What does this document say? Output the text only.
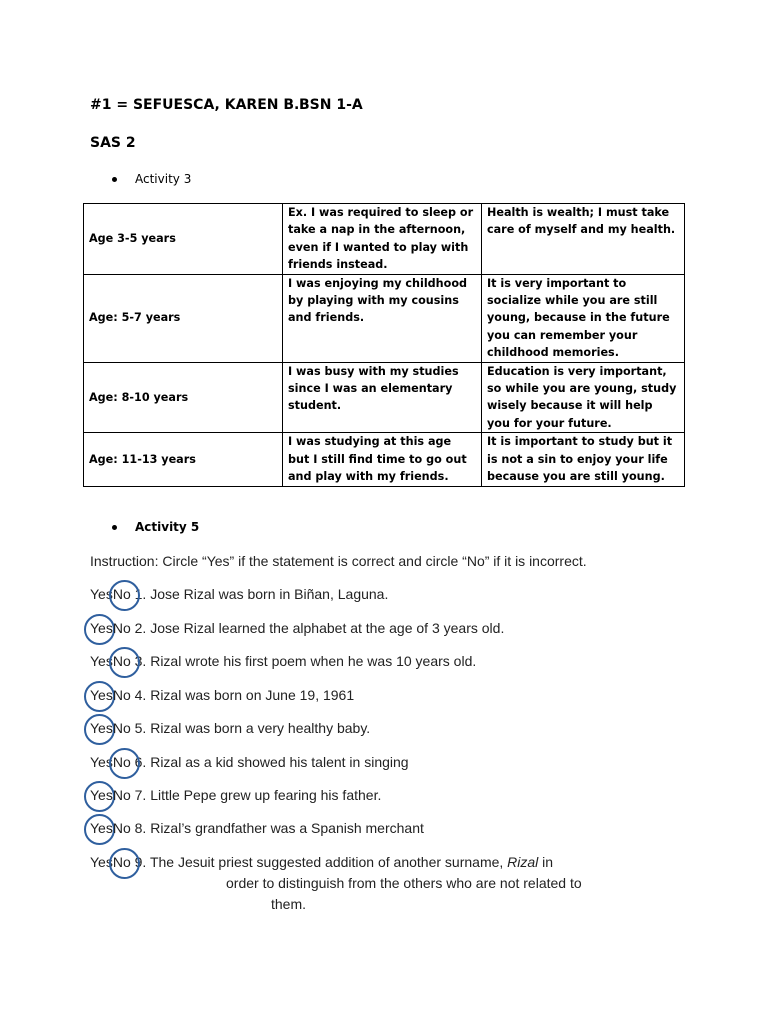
#1 = SEFUESCA, KAREN B. BSN 1-A
SAS 2
Activity 3
Age 3-5 years	Ex. I was required to sleep or take a nap in the afternoon, even if I wanted to play with friends instead.	Health is wealth; I must take care of myself and my health.
Age: 5-7 years	I was enjoying my childhood by playing with my cousins and friends.	It is very important to socialize while you are still young, because in the future you can remember your childhood memories.
Age: 8-10 years	I was busy with my studies since I was an elementary student.	Education is very important, so while you are young, study wisely because it will help you for your future.
Age: 11-13 years	I was studying at this age but I still find time to go out and play with my friends.	It is important to study but it is not a sin to enjoy your life because you are still young.
Activity 5
Instruction: Circle “Yes” if the statement is correct and circle “No” if it is incorrect.
YesNo 1. Jose Rizal was born in Biñan, Laguna.
Yes
No 2. Jose Rizal learned the alphabet at the age of 3 years old.
YesNo 3. Rizal wrote his first poem when he was 10 years old.
Yes
No 4. Rizal was born on June 19, 1961
Yes
No 5. Rizal was born a very healthy baby.
YesNo 6. Rizal as a kid showed his talent in singing
Yes
No 7. Little Pepe grew up fearing his father.
Yes
No 8. Rizal’s grandfather was a Spanish merchant
YesNo 9. The Jesuit priest suggested addition of another surname, Rizal in
order to distinguish from the others who are not related to
them.
